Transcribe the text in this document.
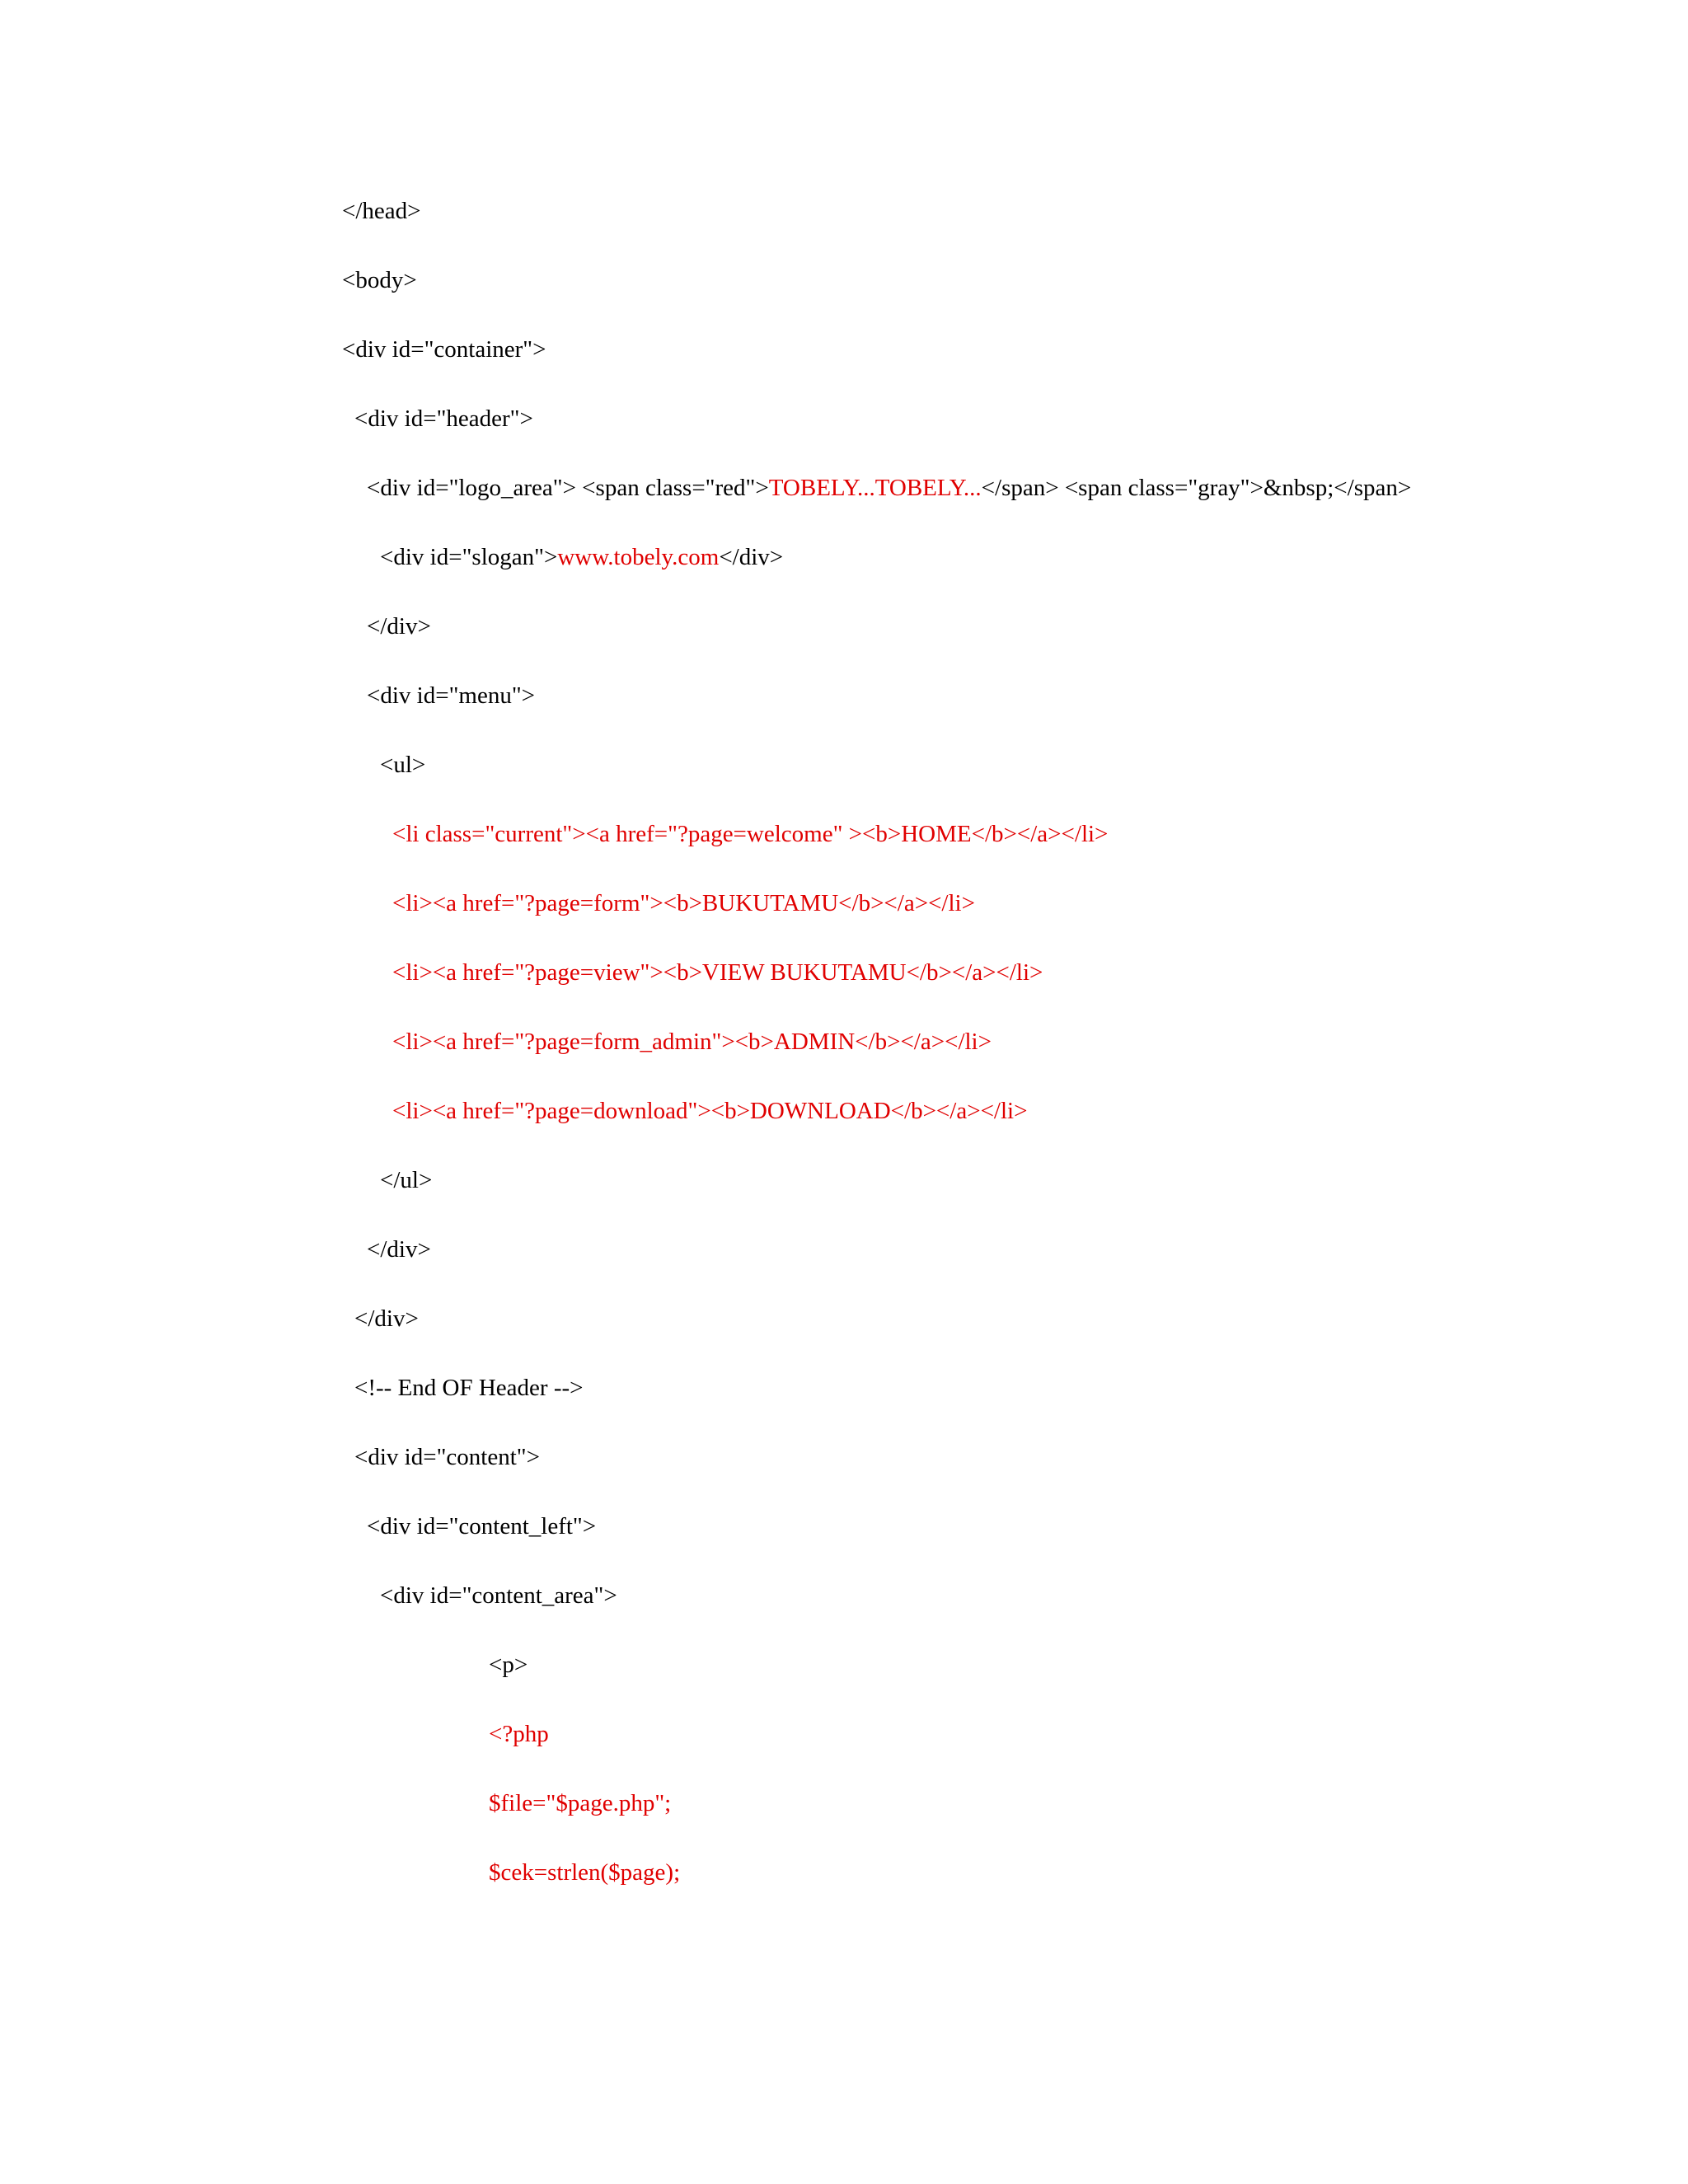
</head>
<body>
<div id="container">
<div id="header">
<div id="logo_area"> <span class="red">TOBELY...TOBELY...</span> <span class="gray">&nbsp;</span>
<div id="slogan">www.tobely.com</div>
</div>
<div id="menu">
<ul>
<li class="current"><a href="?page=welcome" ><b>HOME</b></a></li>
<li><a href="?page=form"><b>BUKUTAMU</b></a></li>
<li><a href="?page=view"><b>VIEW BUKUTAMU</b></a></li>
<li><a href="?page=form_admin"><b>ADMIN</b></a></li>
<li><a href="?page=download"><b>DOWNLOAD</b></a></li>
</ul>
</div>
</div>
<!-- End OF Header -->
<div id="content">
<div id="content_left">
<div id="content_area">
<p>
<?php
$file="$page.php";
$cek=strlen($page);
